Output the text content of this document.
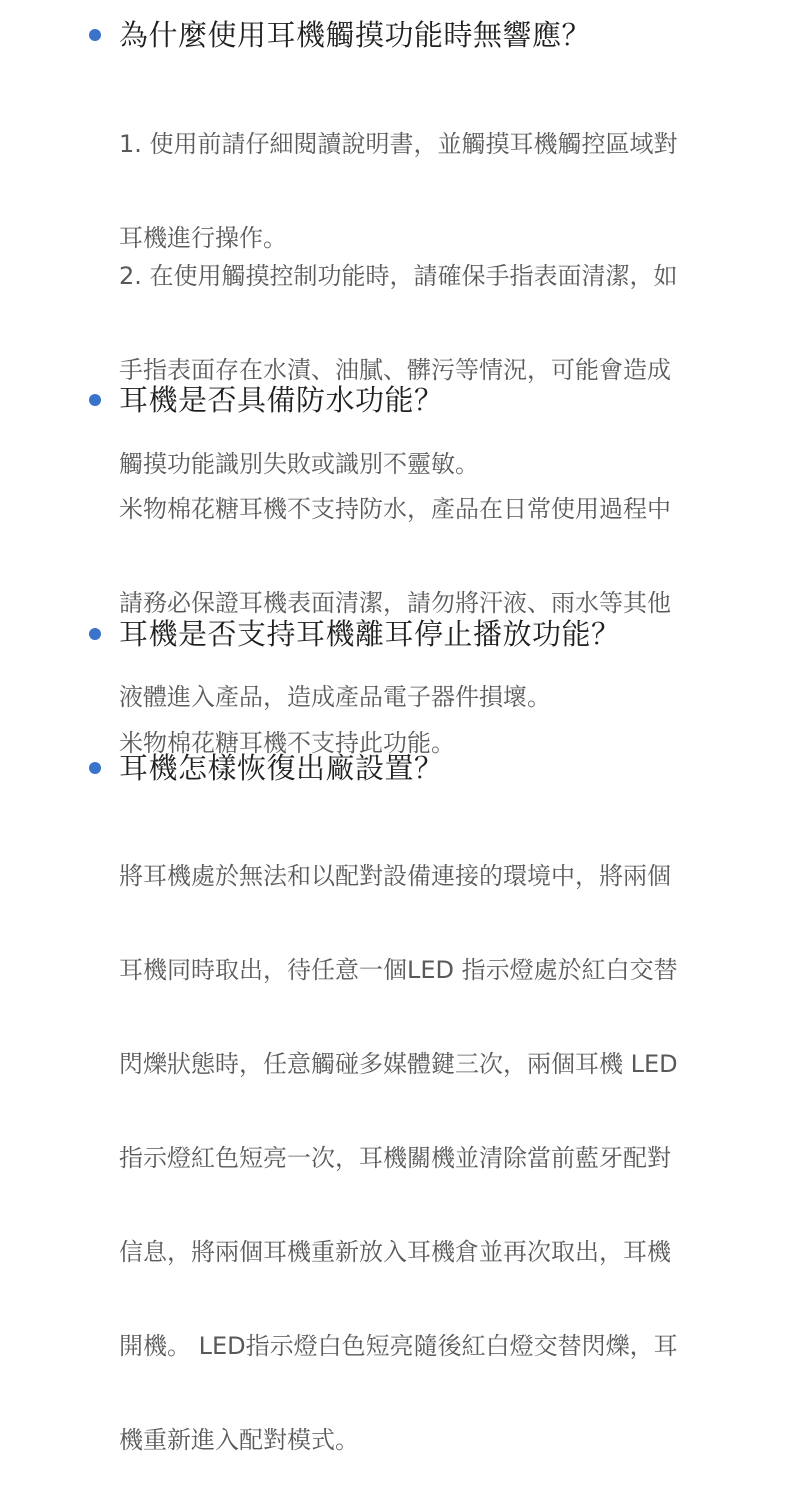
為什麼使用耳機觸摸功能時無響應？

1. 使用前請仔細閱讀說明書，並觸摸耳機觸控區域對

耳機進行操作。

2. 在使用觸摸控制功能時，請確保手指表面清潔，如

手指表面存在水漬、油膩、髒污等情況，可能會造成

觸摸功能識別失敗或識別不靈敏。

耳機是否具備防水功能？

米物棉花糖耳機不支持防水，產品在日常使用過程中

請務必保證耳機表面清潔，請勿將汗液、雨水等其他

液體進入產品，造成產品電子器件損壞。

耳機是否支持耳機離耳停止播放功能？

米物棉花糖耳機不支持此功能。

耳機怎樣恢復出廠設置？

將耳機處於無法和以配對設備連接的環境中，將兩個

耳機同時取出，待任意一個LED 指示燈處於紅白交替

閃爍狀態時，任意觸碰多媒體鍵三次，兩個耳機 LED

指示燈紅色短亮一次，耳機關機並清除當前藍牙配對

信息，將兩個耳機重新放入耳機倉並再次取出，耳機

開機。 LED指示燈白色短亮隨後紅白燈交替閃爍，耳

機重新進入配對模式。
